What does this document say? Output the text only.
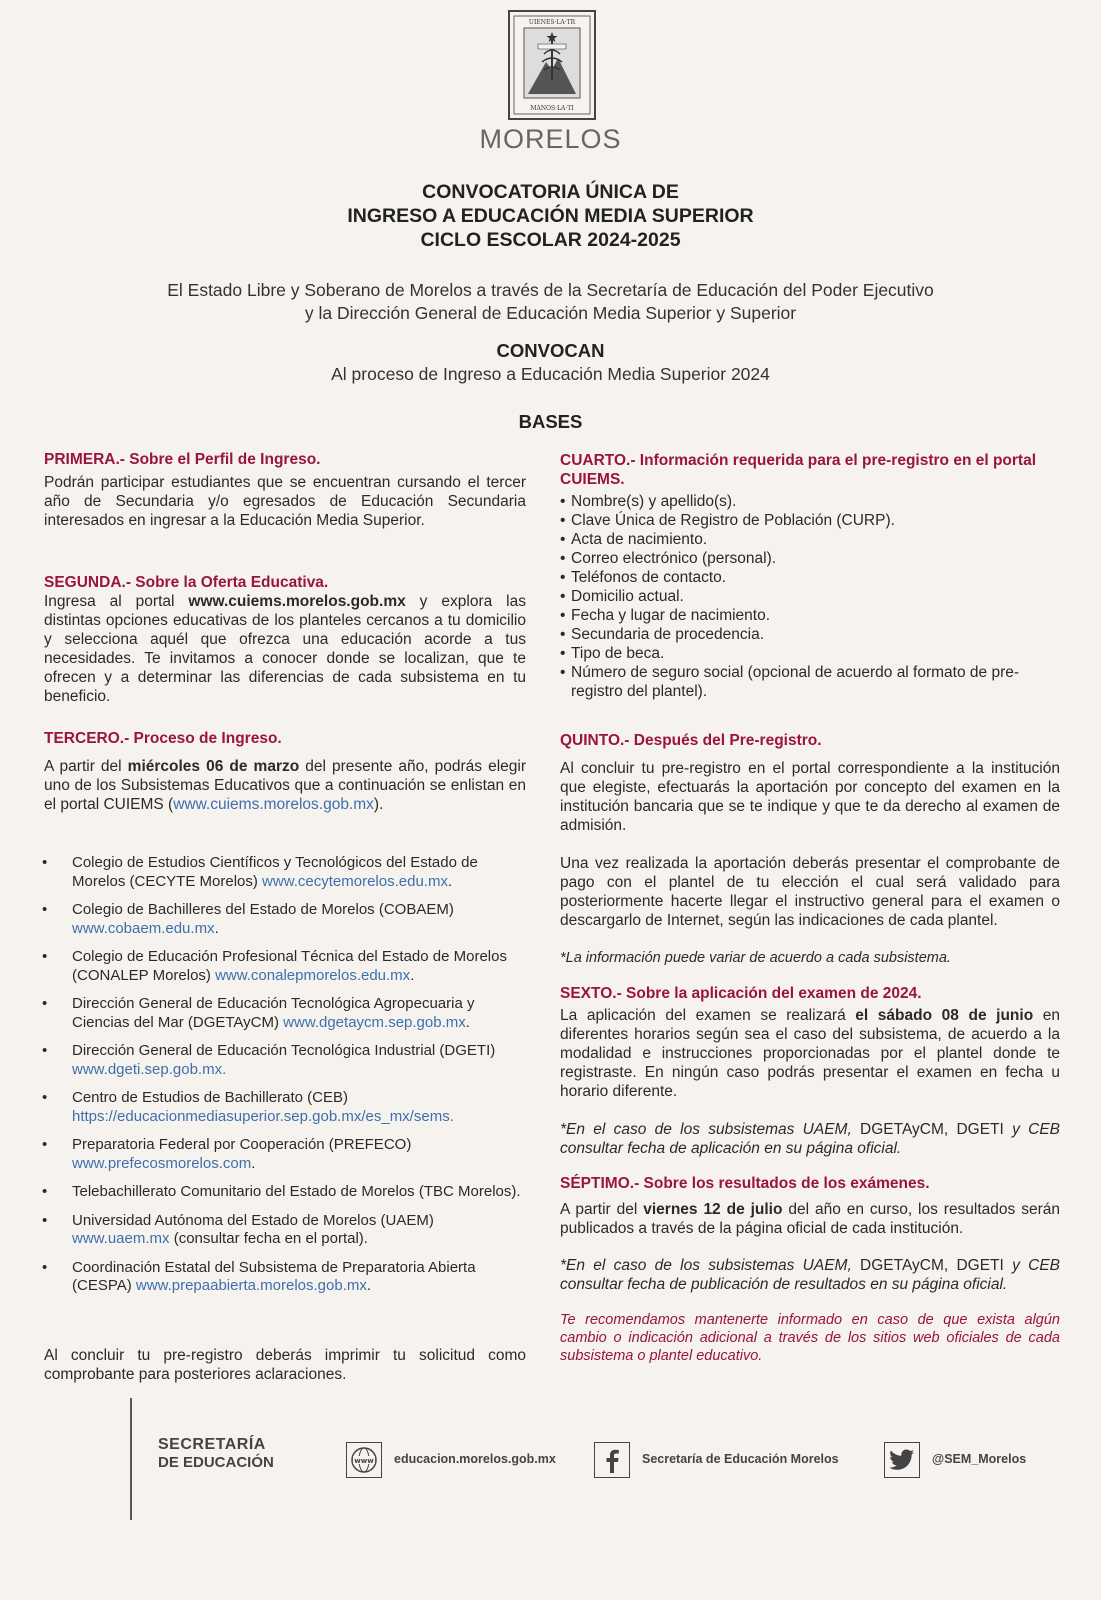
UIENES·LA·TR
MANOS·LA·TI
MORELOS
CONVOCATORIA ÚNICA DE
INGRESO A EDUCACIÓN MEDIA SUPERIOR
CICLO ESCOLAR 2024-2025
El Estado Libre y Soberano de Morelos a través de la Secretaría de Educación del Poder Ejecutivo
y la Dirección General de Educación Media Superior y Superior
CONVOCAN
Al proceso de Ingreso a Educación Media Superior 2024
BASES
PRIMERA.- Sobre el Perfil de Ingreso.
Podrán participar estudiantes que se encuentran cursando el tercer año de Secundaria y/o egresados de Educación Secundaria interesados en ingresar a la Educación Media Superior.
SEGUNDA.- Sobre la Oferta Educativa.
Ingresa al portal www.cuiems.morelos.gob.mx y explora las distintas opciones educativas de los planteles cercanos a tu domicilio y selecciona aquél que ofrezca una educación acorde a tus necesidades. Te invitamos a conocer donde se localizan, que te ofrecen y a determinar las diferencias de cada subsistema en tu beneficio.
TERCERO.- Proceso de Ingreso.
A partir del miércoles 06 de marzo del presente año, podrás elegir uno de los Subsistemas Educativos que a continuación se enlistan en el portal CUIEMS (www.cuiems.morelos.gob.mx).
• Colegio de Estudios Científicos y Tecnológicos del Estado de Morelos (CECYTE Morelos) www.cecytemorelos.edu.mx.
• Colegio de Bachilleres del Estado de Morelos (COBAEM) www.cobaem.edu.mx.
• Colegio de Educación Profesional Técnica del Estado de Morelos (CONALEP Morelos) www.conalepmorelos.edu.mx.
• Dirección General de Educación Tecnológica Agropecuaria y Ciencias del Mar (DGETAyCM) www.dgetaycm.sep.gob.mx.
• Dirección General de Educación Tecnológica Industrial (DGETI) www.dgeti.sep.gob.mx.
• Centro de Estudios de Bachillerato (CEB) https://educacionmediasuperior.sep.gob.mx/es_mx/sems.
• Preparatoria Federal por Cooperación (PREFECO) www.prefecosmorelos.com.
• Telebachillerato Comunitario del Estado de Morelos (TBC Morelos).
• Universidad Autónoma del Estado de Morelos (UAEM) www.uaem.mx (consultar fecha en el portal).
• Coordinación Estatal del Subsistema de Preparatoria Abierta (CESPA) www.prepaabierta.morelos.gob.mx.
Al concluir tu pre-registro deberás imprimir tu solicitud como comprobante para posteriores aclaraciones.
CUARTO.- Información requerida para el pre-registro en el portal CUIEMS.
• Nombre(s) y apellido(s).
• Clave Única de Registro de Población (CURP).
• Acta de nacimiento.
• Correo electrónico (personal).
• Teléfonos de contacto.
• Domicilio actual.
• Fecha y lugar de nacimiento.
• Secundaria de procedencia.
• Tipo de beca.
• Número de seguro social (opcional de acuerdo al formato de pre-registro del plantel).
QUINTO.- Después del Pre-registro.
Al concluir tu pre-registro en el portal correspondiente a la institución que elegiste, efectuarás la aportación por concepto del examen en la institución bancaria que se te indique y que te da derecho al examen de admisión.
Una vez realizada la aportación deberás presentar el comprobante de pago con el plantel de tu elección el cual será validado para posteriormente hacerte llegar el instructivo general para el examen o descargarlo de Internet, según las indicaciones de cada plantel.
*La información puede variar de acuerdo a cada subsistema.
SEXTO.- Sobre la aplicación del examen de 2024.
La aplicación del examen se realizará el sábado 08 de junio en diferentes horarios según sea el caso del subsistema, de acuerdo a la modalidad e instrucciones proporcionadas por el plantel donde te registraste. En ningún caso podrás presentar el examen en fecha u horario diferente.
*En el caso de los subsistemas UAEM, DGETAyCM, DGETI y CEB consultar fecha de aplicación en su página oficial.
SÉPTIMO.- Sobre los resultados de los exámenes.
A partir del viernes 12 de julio del año en curso, los resultados serán publicados a través de la página oficial de cada institución.
*En el caso de los subsistemas UAEM, DGETAyCM, DGETI y CEB consultar fecha de publicación de resultados en su página oficial.
Te recomendamos mantenerte informado en caso de que exista algún cambio o indicación adicional a través de los sitios web oficiales de cada subsistema o plantel educativo.
SECRETARÍA
DE EDUCACIÓN	www educacion.morelos.gob.mx	Secretaría de Educación Morelos	@SEM_Morelos
